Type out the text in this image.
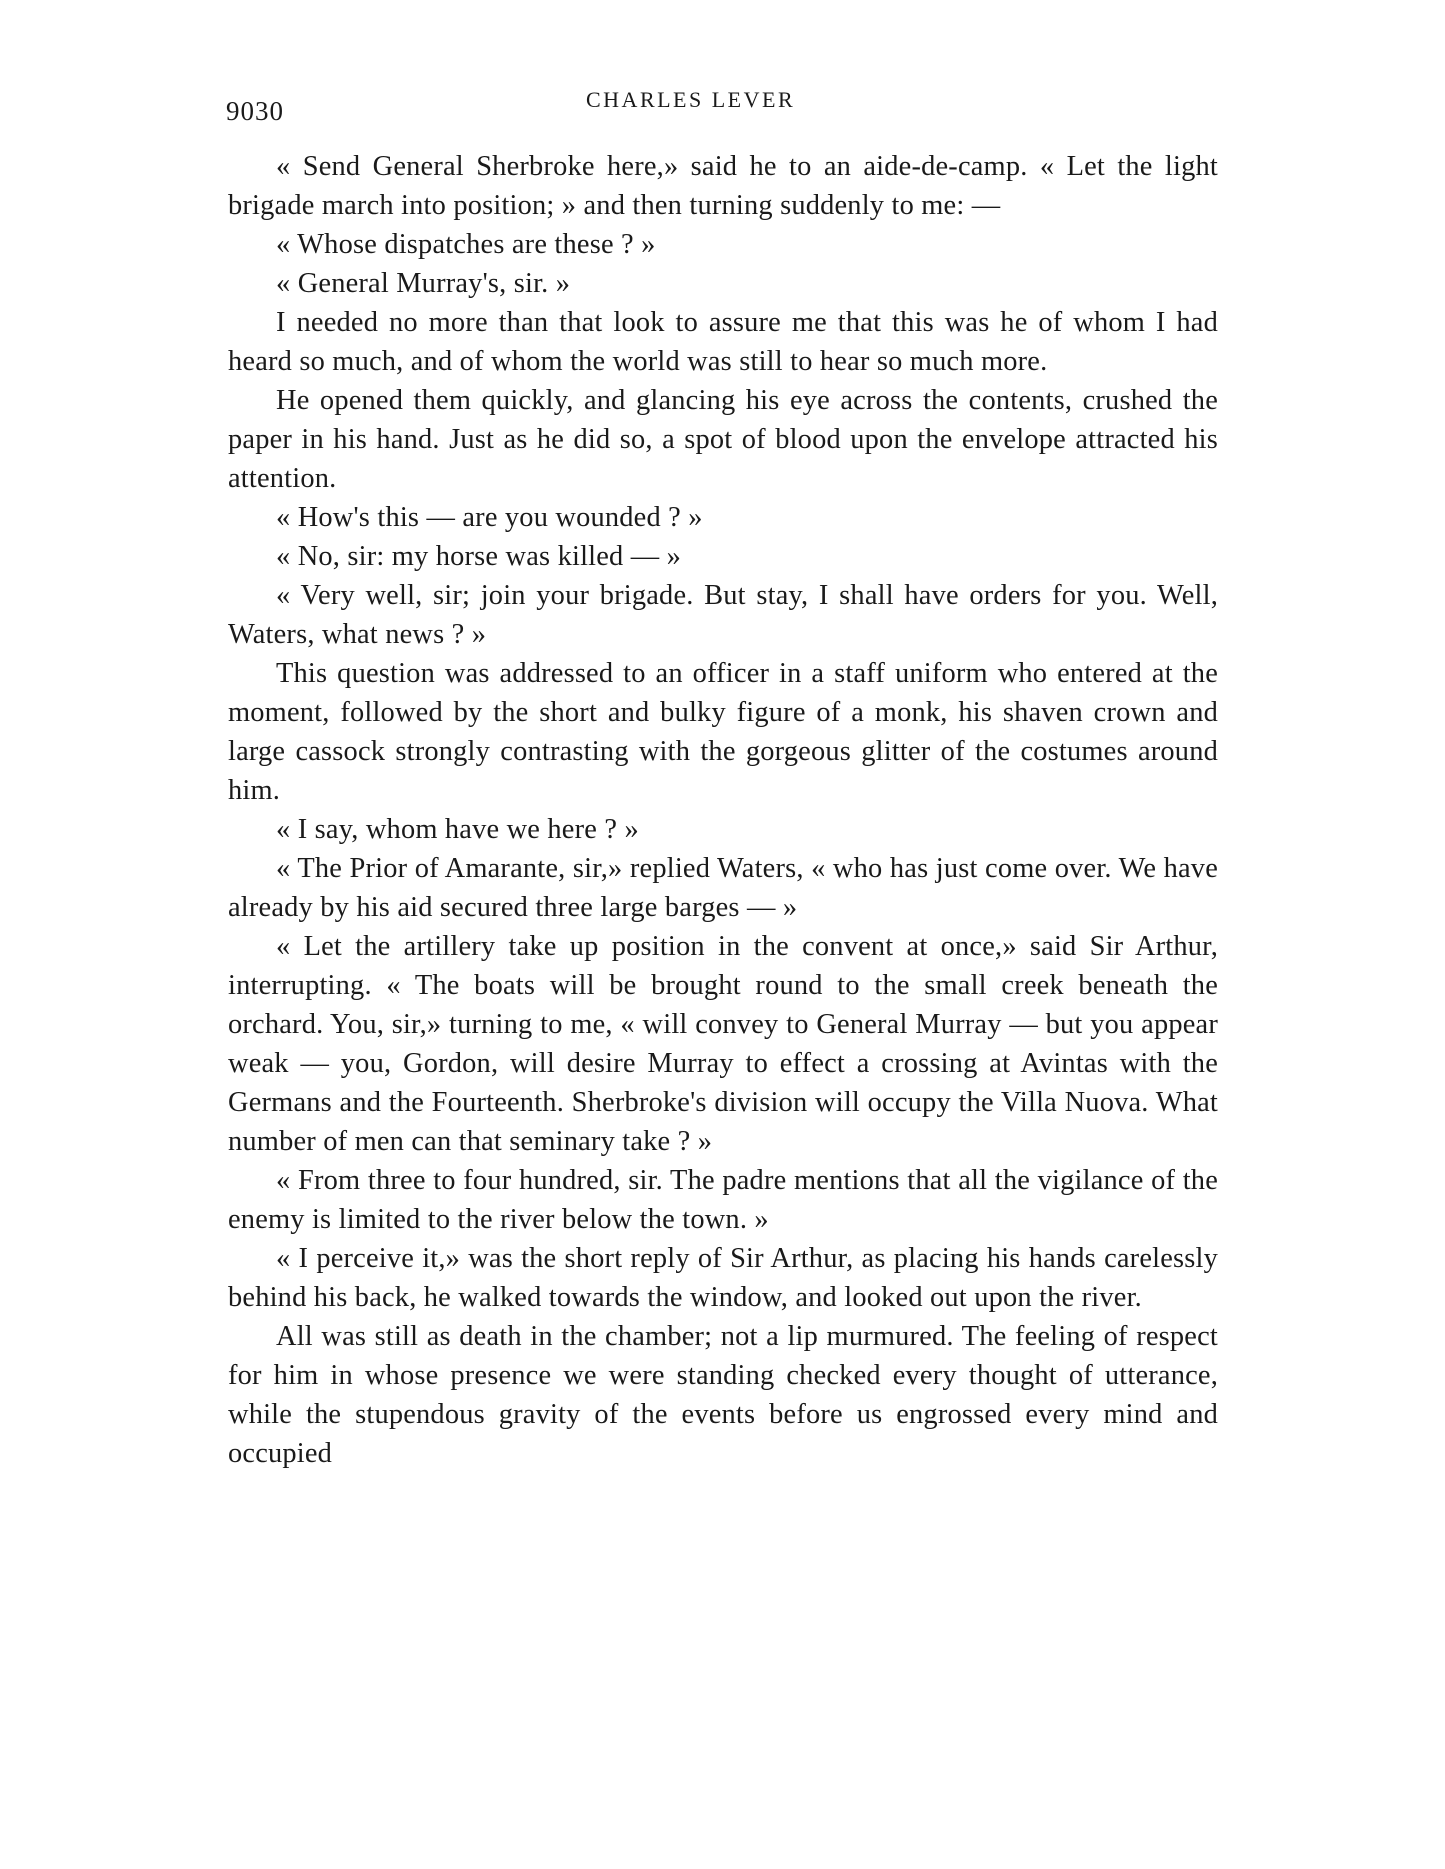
9030	CHARLES LEVER

« Send General Sherbroke here,» said he to an aide-de-camp. « Let the light brigade march into position; » and then turning suddenly to me: —

« Whose dispatches are these ? »

« General Murray's, sir. »

I needed no more than that look to assure me that this was he of whom I had heard so much, and of whom the world was still to hear so much more.

He opened them quickly, and glancing his eye across the contents, crushed the paper in his hand. Just as he did so, a spot of blood upon the envelope attracted his attention.

« How's this — are you wounded ? »

« No, sir: my horse was killed — »

« Very well, sir; join your brigade. But stay, I shall have orders for you. Well, Waters, what news ? »

This question was addressed to an officer in a staff uniform who entered at the moment, followed by the short and bulky figure of a monk, his shaven crown and large cassock strongly contrasting with the gorgeous glitter of the costumes around him.

« I say, whom have we here ? »

« The Prior of Amarante, sir,» replied Waters, « who has just come over. We have already by his aid secured three large barges — »

« Let the artillery take up position in the convent at once,» said Sir Arthur, interrupting. « The boats will be brought round to the small creek beneath the orchard. You, sir,» turning to me, « will convey to General Murray — but you appear weak — you, Gordon, will desire Murray to effect a crossing at Avintas with the Germans and the Fourteenth. Sherbroke's division will occupy the Villa Nuova. What number of men can that seminary take ? »

« From three to four hundred, sir. The padre mentions that all the vigilance of the enemy is limited to the river below the town. »

« I perceive it,» was the short reply of Sir Arthur, as placing his hands carelessly behind his back, he walked towards the window, and looked out upon the river.

All was still as death in the chamber; not a lip murmured. The feeling of respect for him in whose presence we were standing checked every thought of utterance, while the stupendous gravity of the events before us engrossed every mind and occupied
